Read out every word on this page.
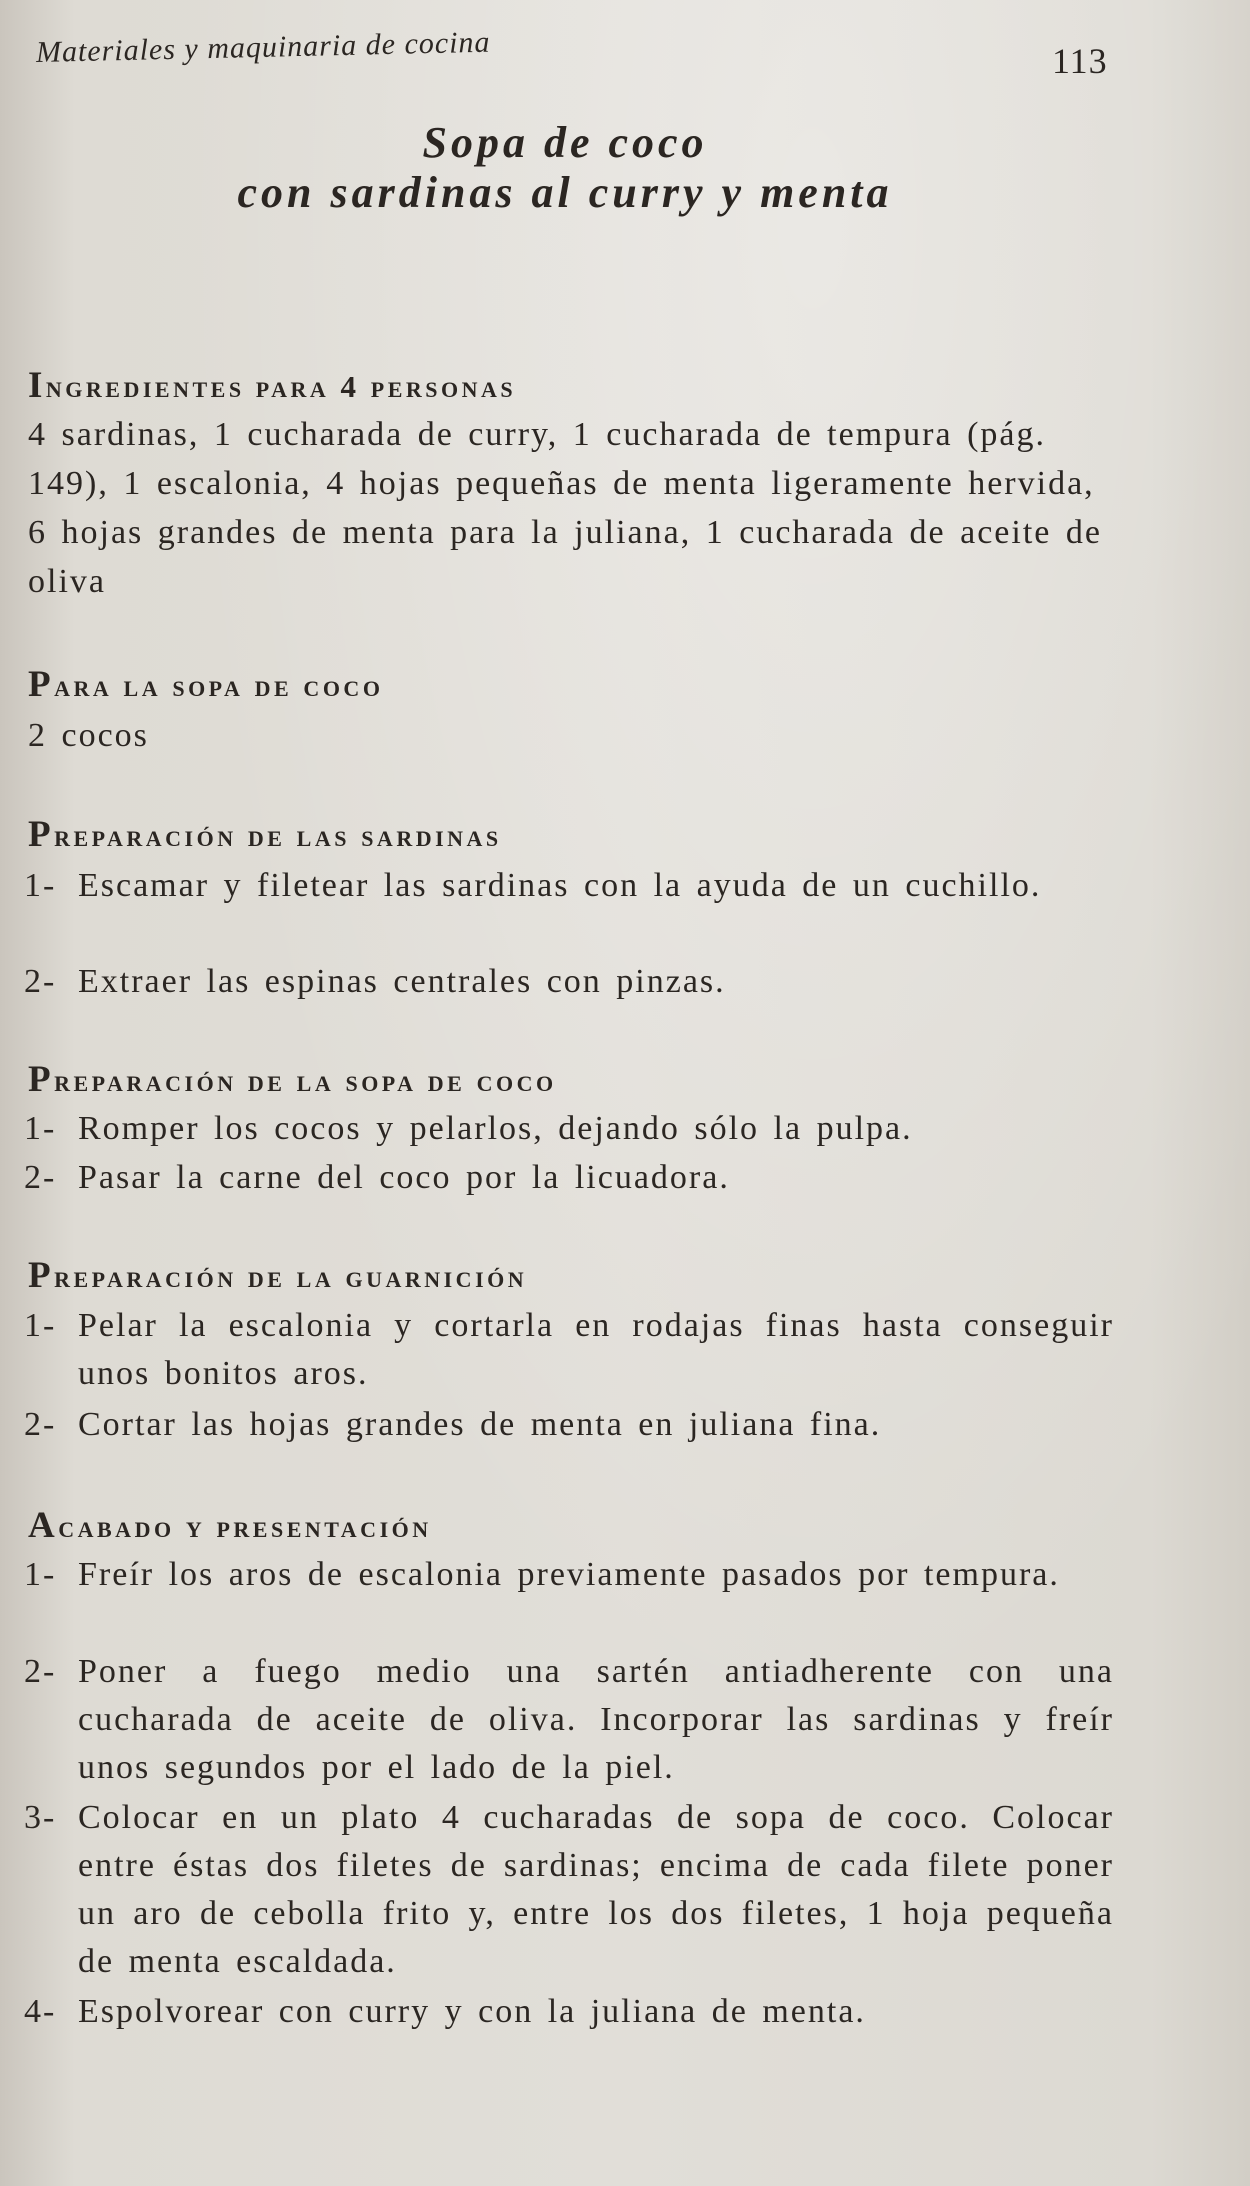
Materiales y maquinaria de cocina	113
Sopa de coco
con sardinas al curry y menta
Ingredientes para 4 personas

4 sardinas, 1 cucharada de curry, 1 cucharada de tempura (pág. 149), 1 escalonia, 4 hojas pequeñas de menta ligeramente hervida, 6 hojas grandes de menta para la juliana, 1 cucharada de aceite de oliva

Para la sopa de coco

2 cocos

Preparación de las sardinas
1- Escamar y filetear las sardinas con la ayuda de un cuchillo.
2- Extraer las espinas centrales con pinzas.
Preparación de la sopa de coco
1- Romper los cocos y pelarlos, dejando sólo la pulpa.
2- Pasar la carne del coco por la licuadora.
Preparación de la guarnición
1- Pelar la escalonia y cortarla en rodajas finas hasta conseguir unos bonitos aros.
2- Cortar las hojas grandes de menta en juliana fina.
Acabado y presentación
1- Freír los aros de escalonia previamente pasados por tempura.
2- Poner a fuego medio una sartén antiadherente con una cucharada de aceite de oliva. Incorporar las sardinas y freír unos segundos por el lado de la piel.
3- Colocar en un plato 4 cucharadas de sopa de coco. Colocar entre éstas dos filetes de sardinas; encima de cada filete poner un aro de cebolla frito y, entre los dos filetes, 1 hoja pequeña de menta escaldada.
4- Espolvorear con curry y con la juliana de menta.
